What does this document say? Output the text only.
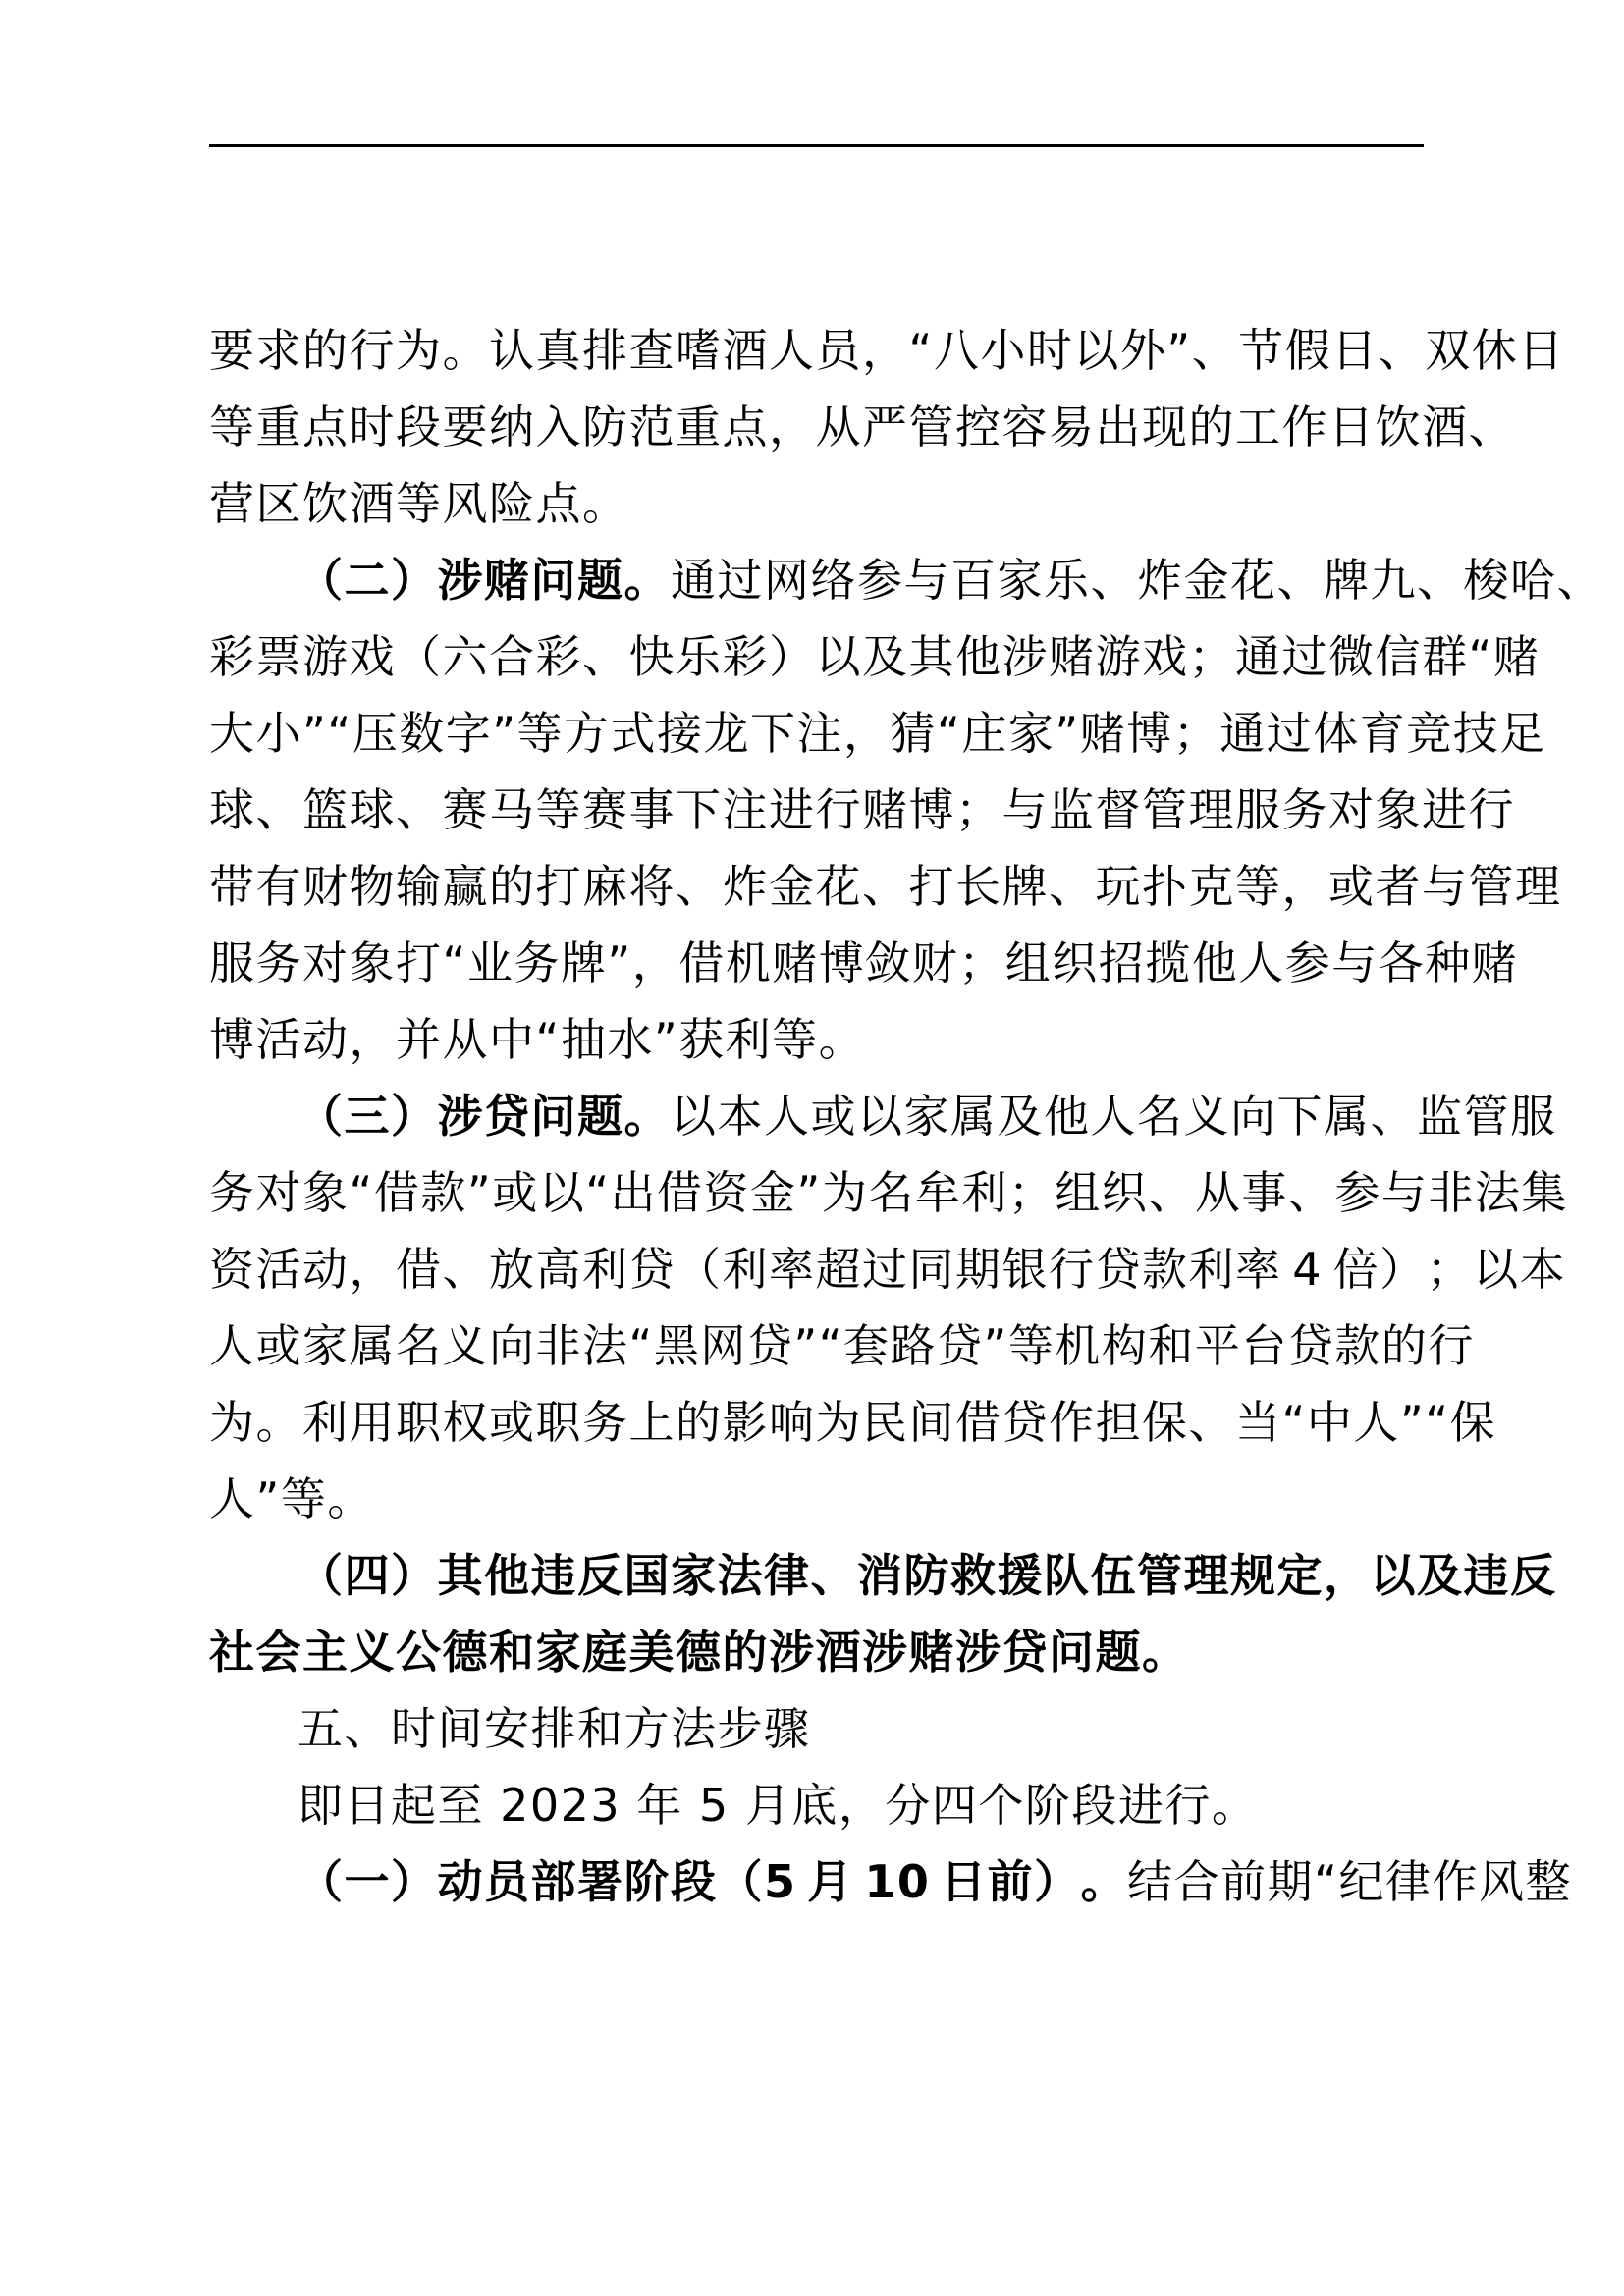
要 求 的 行 为 。 认 真 排 查 嗜 酒 人 员 ， “ 八 小 时 以 外 ” 、 节 假 日 、 双 休 日
等 重 点 时 段 要 纳 入 防 范 重 点 ， 从 严 管 控 容 易 出 现 的 工 作 日 饮 酒 、
营区饮酒等风险点。
（ 二 ） 涉 赌 问 题 。 通 过 网 络 参 与 百 家 乐 、 炸 金 花 、 牌 九 、 梭 哈 、
彩 票 游 戏 （ 六 合 彩 、 快 乐 彩 ） 以 及 其 他 涉 赌 游 戏 ； 通 过 微 信 群 “ 赌
大 小 ” “ 压 数 字 ” 等 方 式 接 龙 下 注 ， 猜 “ 庄 家 ” 赌 博 ； 通 过 体 育 竞 技 足
球 、 篮 球 、 赛 马 等 赛 事 下 注 进 行 赌 博 ； 与 监 督 管 理 服 务 对 象 进 行
带 有 财 物 输 赢 的 打 麻 将 、 炸 金 花 、 打 长 牌 、 玩 扑 克 等 ， 或 者 与 管 理
服 务 对 象 打 “ 业 务 牌 ” ， 借 机 赌 博 敛 财 ； 组 织 招 揽 他 人 参 与 各 种 赌
博活动，并从中“抽水”获利等。
（ 三 ） 涉 贷 问 题 。 以 本 人 或 以 家 属 及 他 人 名 义 向 下 属 、 监 管 服
务 对 象 “ 借 款 ” 或 以 “ 出 借 资 金 ” 为 名 牟 利 ； 组 织 、 从 事 、 参 与 非 法 集
资 活 动 ， 借 、 放 高 利 贷 （ 利 率 超 过 同 期 银 行 贷 款 利 率
  4
  倍 ） ； 以 本
人 或 家 属 名 义 向 非 法 “ 黑 网 贷 ” “ 套 路 贷 ” 等 机 构 和 平 台 贷 款 的 行
为 。 利 用 职 权 或 职 务 上 的 影 响 为 民 间 借 贷 作 担 保 、 当 “ 中 人 ” “ 保
人”等。
（ 四 ） 其 他 违 反 国 家 法 律 、 消 防 救 援 队 伍 管 理 规 定 ， 以 及 违 反
社会主义公德和家庭美德的涉酒涉赌涉贷问题。
五、时间安排和方法步骤
即日起至 2023 年 5 月底，分四个阶段进行。
（ 一 ） 动 员 部 署 阶 段 （ 5
  月
  1 0
  日 前 ） 。 结 合 前 期 “ 纪 律 作 风 整
